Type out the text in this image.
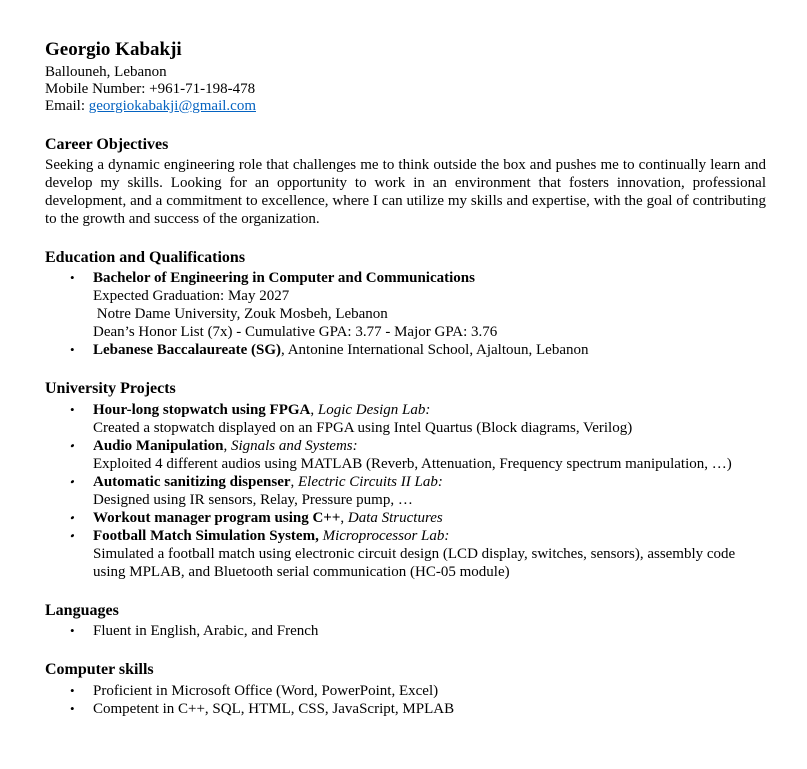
Georgio Kabakji
Ballouneh, Lebanon
Mobile Number: +961-71-198-478
Email: georgiokabakji@gmail.com
Career Objectives

Seeking a dynamic engineering role that challenges me to think outside the box and pushes me to continually learn and develop my skills. Looking for an opportunity to work in an environment that fosters innovation, professional development, and a commitment to excellence, where I can utilize my skills and expertise, with the goal of contributing to the growth and success of the organization.

Education and Qualifications
•	Bachelor of Engineering in Computer and Communications
Expected Graduation: May 2027
Notre Dame University, Zouk Mosbeh, Lebanon
Dean’s Honor List (7x) - Cumulative GPA: 3.77 - Major GPA: 3.76
•	Lebanese Baccalaureate (SG), Antonine International School, Ajaltoun, Lebanon
University Projects
•	Hour-long stopwatch using FPGA, Logic Design Lab:
Created a stopwatch displayed on an FPGA using Intel Quartus (Block diagrams, Verilog)
•	Audio Manipulation, Signals and Systems:
Exploited 4 different audios using MATLAB (Reverb, Attenuation, Frequency spectrum manipulation, …)
•	Automatic sanitizing dispenser, Electric Circuits II Lab:
Designed using IR sensors, Relay, Pressure pump, …
•	Workout manager program using C++, Data Structures
•	Football Match Simulation System, Microprocessor Lab:
Simulated a football match using electronic circuit design (LCD display, switches, sensors), assembly code using MPLAB, and Bluetooth serial communication (HC-05 module)
Languages
•	Fluent in English, Arabic, and French
Computer skills
•	Proficient in Microsoft Office (Word, PowerPoint, Excel)
•	Competent in C++, SQL, HTML, CSS, JavaScript, MPLAB
